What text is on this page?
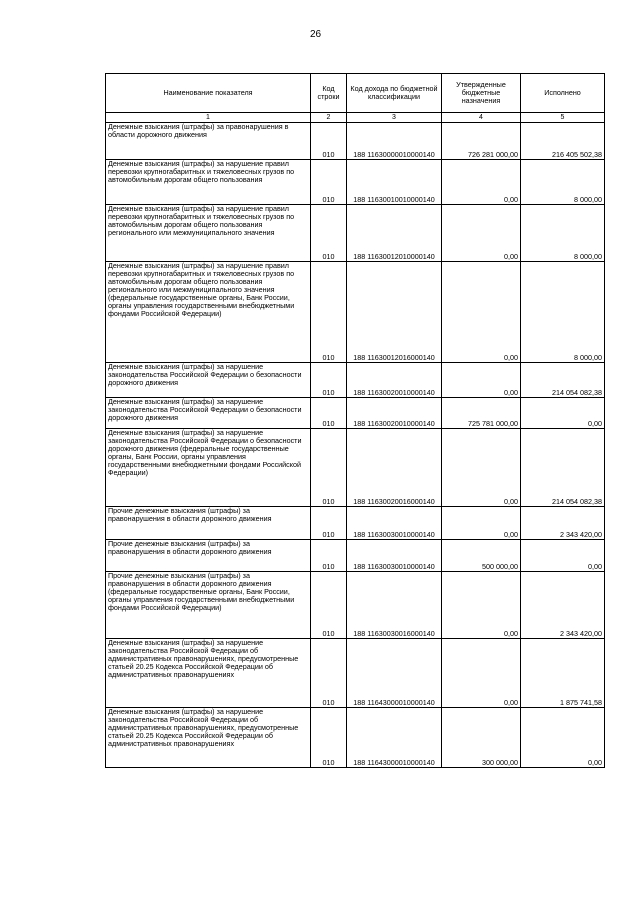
26
Наименование показателя	Код строки	Код дохода по бюджетной классификации	Утвержденные бюджетные назначения	Исполнено
1	2	3	4	5
Денежные взыскания (штрафы) за правонарушения в области дорожного движения	010	188 11630000010000140	726 281 000,00	216 405 502,38
Денежные взыскания (штрафы) за нарушение правил перевозки крупногабаритных и тяжеловесных грузов по автомобильным дорогам общего пользования	010	188 11630010010000140	0,00	8 000,00
Денежные взыскания (штрафы) за нарушение правил перевозки крупногабаритных и тяжеловесных грузов по автомобильным дорогам общего пользования регионального или межмуниципального значения	010	188 11630012010000140	0,00	8 000,00
Денежные взыскания (штрафы) за нарушение правил перевозки крупногабаритных и тяжеловесных грузов по автомобильным дорогам общего пользования регионального или межмуниципального значения (федеральные государственные органы, Банк России, органы управления государственными внебюджетными фондами Российской Федерации)	010	188 11630012016000140	0,00	8 000,00
Денежные взыскания (штрафы) за нарушение законодательства Российской Федерации о безопасности дорожного движения	010	188 11630020010000140	0,00	214 054 082,38
Денежные взыскания (штрафы) за нарушение законодательства Российской Федерации о безопасности дорожного движения	010	188 11630020010000140	725 781 000,00	0,00
Денежные взыскания (штрафы) за нарушение законодательства Российской Федерации о безопасности дорожного движения (федеральные государственные органы, Банк России, органы управления государственными внебюджетными фондами Российской Федерации)	010	188 11630020016000140	0,00	214 054 082,38
Прочие денежные взыскания (штрафы) за правонарушения в области дорожного движения	010	188 11630030010000140	0,00	2 343 420,00
Прочие денежные взыскания (штрафы) за правонарушения в области дорожного движения	010	188 11630030010000140	500 000,00	0,00
Прочие денежные взыскания (штрафы) за правонарушения в области дорожного движения (федеральные государственные органы, Банк России, органы управления государственными внебюджетными фондами Российской Федерации)	010	188 11630030016000140	0,00	2 343 420,00
Денежные взыскания (штрафы) за нарушение законодательства Российской Федерации об административных правонарушениях, предусмотренные статьей 20.25 Кодекса Российской Федерации об административных правонарушениях	010	188 11643000010000140	0,00	1 875 741,58
Денежные взыскания (штрафы) за нарушение законодательства Российской Федерации об административных правонарушениях, предусмотренные статьей 20.25 Кодекса Российской Федерации об административных правонарушениях	010	188 11643000010000140	300 000,00	0,00
